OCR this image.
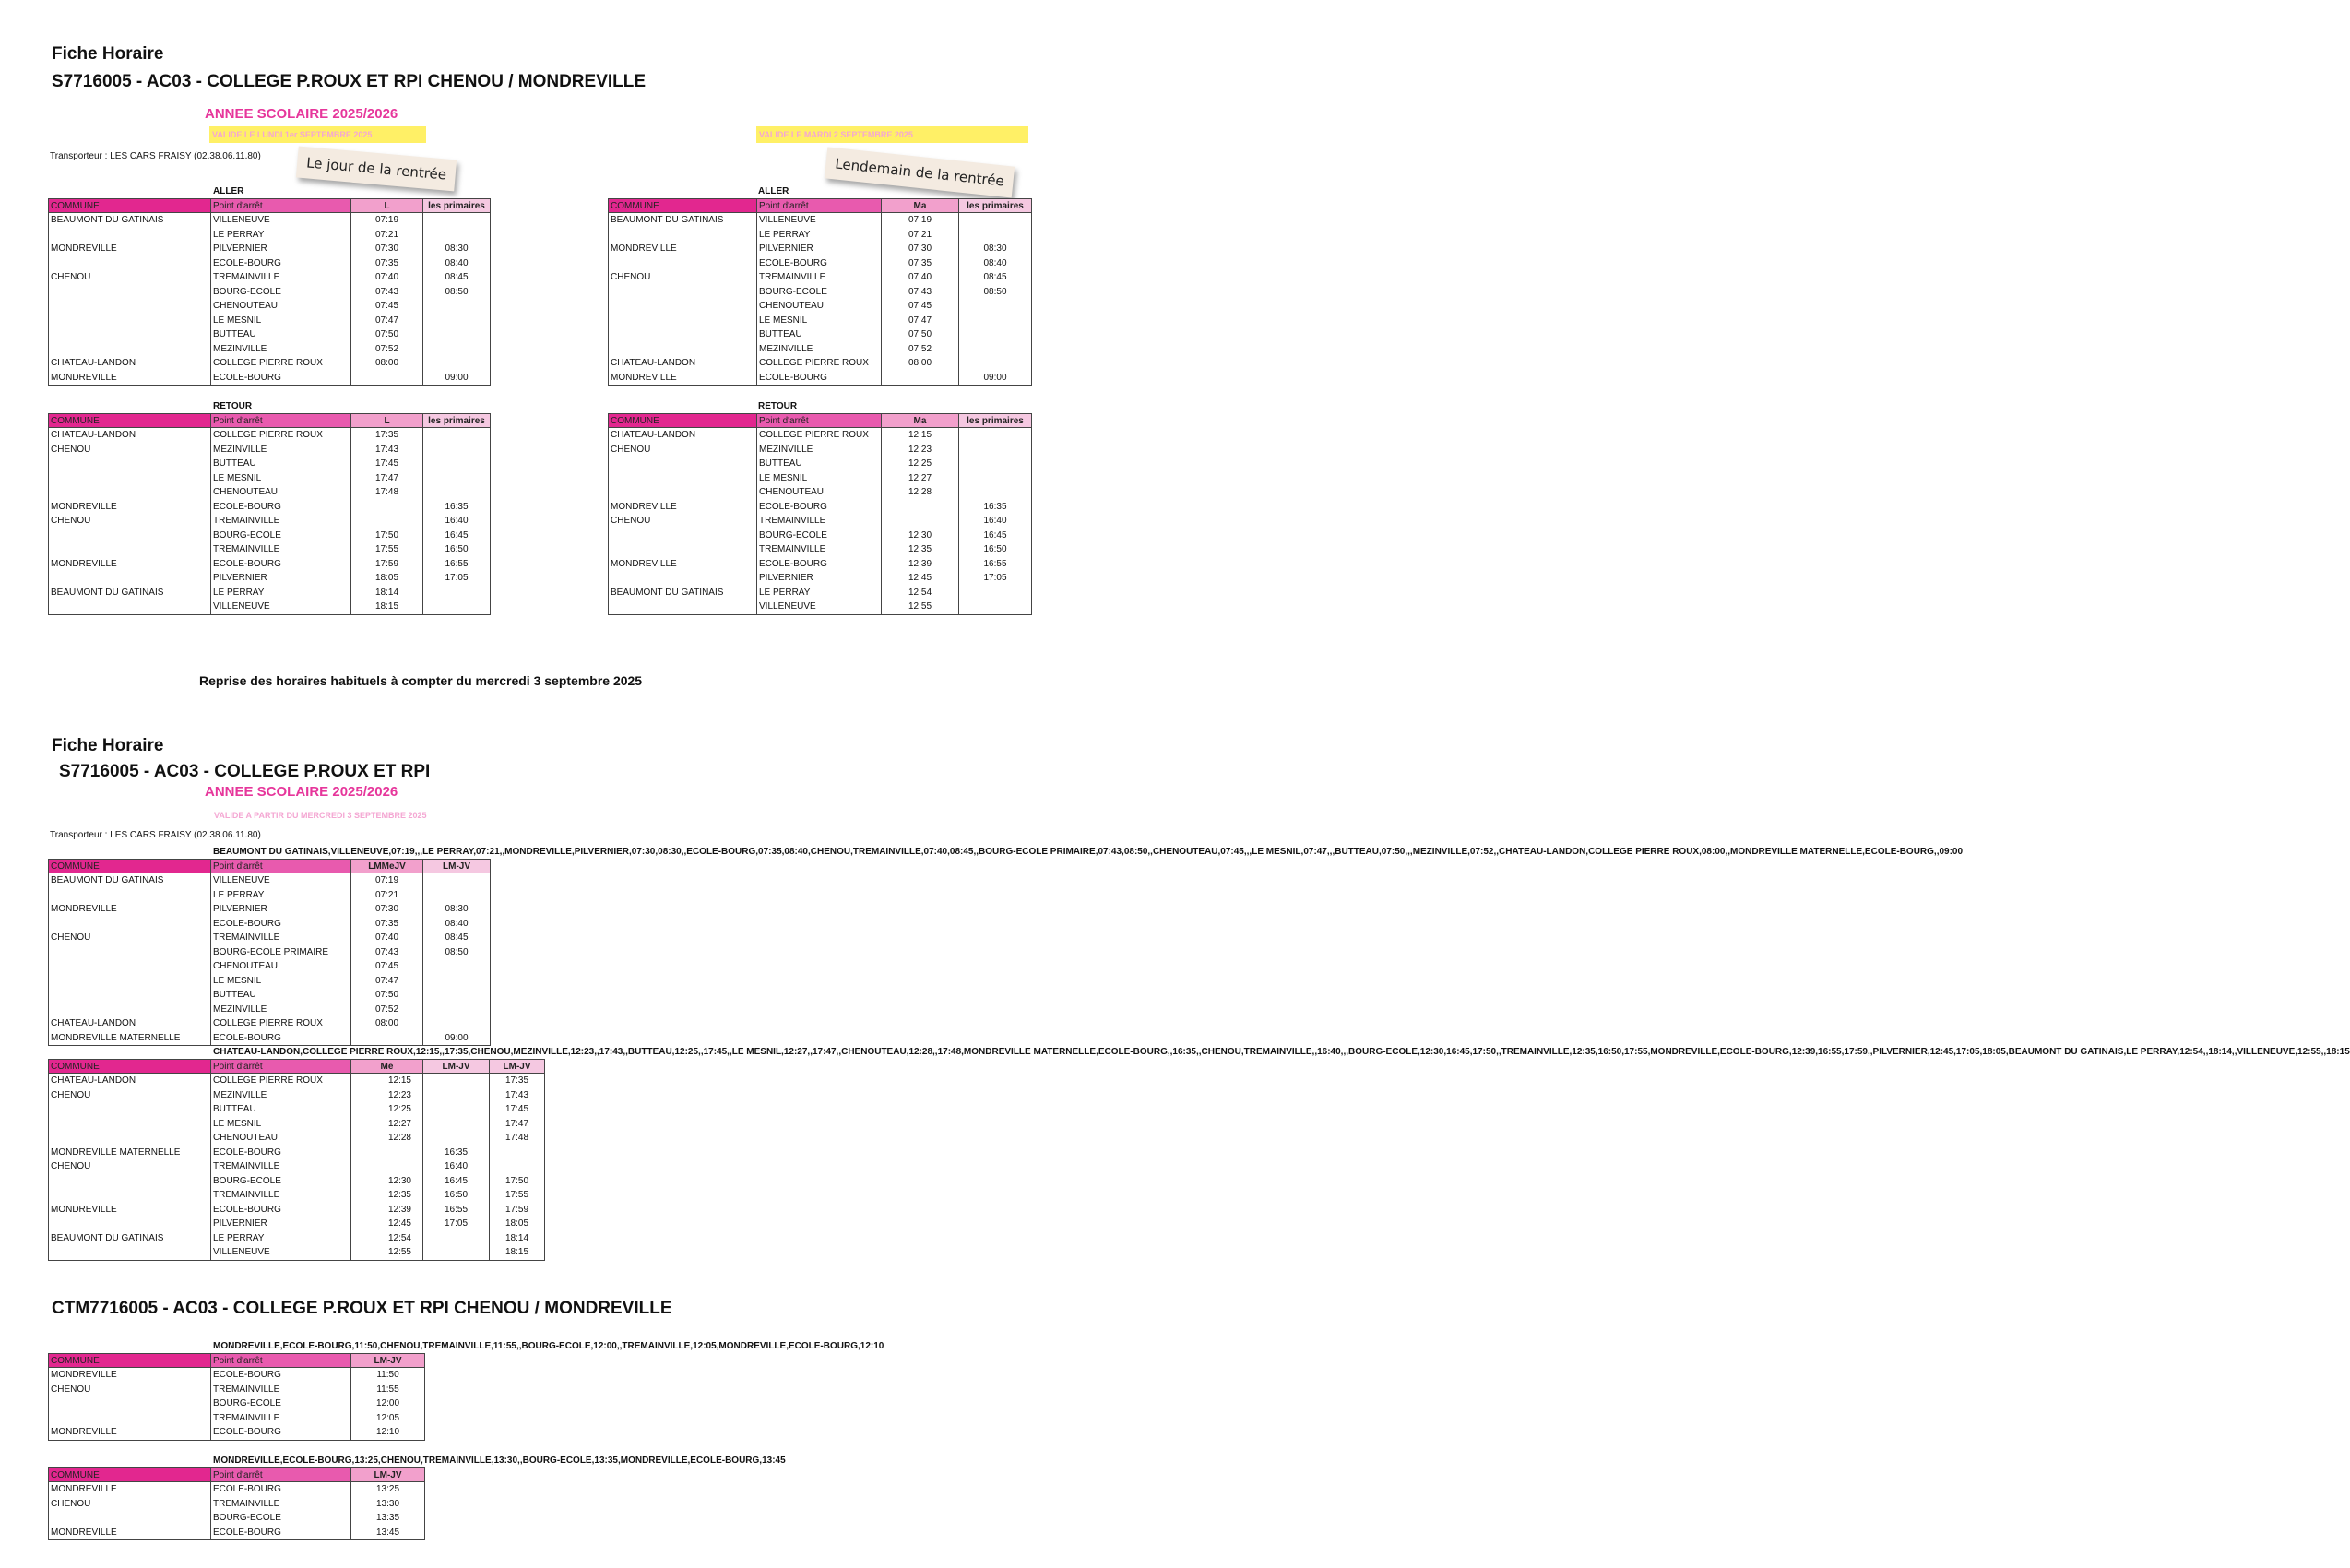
Fiche Horaire
S7716005 - AC03 - COLLEGE P.ROUX ET RPI CHENOU / MONDREVILLE
ANNEE SCOLAIRE 2025/2026
VALIDE LE LUNDI 1er SEPTEMBRE 2025	VALIDE LE MARDI 2 SEPTEMBRE 2025
Transporteur : LES CARS FRAISY (02.38.06.11.80)	Le jour de la rentrée	Lendemain de la rentrée
ALLER	ALLER
COMMUNE	Point d'arrêt	L	les primaires
BEAUMONT DU GATINAIS	VILLENEUVE	07:19	
	LE PERRAY	07:21	
MONDREVILLE	PILVERNIER	07:30	08:30
	ECOLE-BOURG	07:35	08:40
CHENOU	TREMAINVILLE	07:40	08:45
	BOURG-ECOLE	07:43	08:50
	CHENOUTEAU	07:45	
	LE MESNIL	07:47	
	BUTTEAU	07:50	
	MEZINVILLE	07:52	
CHATEAU-LANDON	COLLEGE PIERRE ROUX	08:00	
MONDREVILLE	ECOLE-BOURG		09:00
COMMUNE	Point d'arrêt	Ma	les primaires
BEAUMONT DU GATINAIS	VILLENEUVE	07:19	
	LE PERRAY	07:21	
MONDREVILLE	PILVERNIER	07:30	08:30
	ECOLE-BOURG	07:35	08:40
CHENOU	TREMAINVILLE	07:40	08:45
	BOURG-ECOLE	07:43	08:50
	CHENOUTEAU	07:45	
	LE MESNIL	07:47	
	BUTTEAU	07:50	
	MEZINVILLE	07:52	
CHATEAU-LANDON	COLLEGE PIERRE ROUX	08:00	
MONDREVILLE	ECOLE-BOURG		09:00
RETOUR	RETOUR
COMMUNE	Point d'arrêt	L	les primaires
CHATEAU-LANDON	COLLEGE PIERRE ROUX	17:35	
CHENOU	MEZINVILLE	17:43	
	BUTTEAU	17:45	
	LE MESNIL	17:47	
	CHENOUTEAU	17:48	
MONDREVILLE	ECOLE-BOURG		16:35
CHENOU	TREMAINVILLE		16:40
	BOURG-ECOLE	17:50	16:45
	TREMAINVILLE	17:55	16:50
MONDREVILLE	ECOLE-BOURG	17:59	16:55
	PILVERNIER	18:05	17:05
BEAUMONT DU GATINAIS	LE PERRAY	18:14	
	VILLENEUVE	18:15	
COMMUNE	Point d'arrêt	Ma	les primaires
CHATEAU-LANDON	COLLEGE PIERRE ROUX	12:15	
CHENOU	MEZINVILLE	12:23	
	BUTTEAU	12:25	
	LE MESNIL	12:27	
	CHENOUTEAU	12:28	
MONDREVILLE	ECOLE-BOURG		16:35
CHENOU	TREMAINVILLE		16:40
	BOURG-ECOLE	12:30	16:45
	TREMAINVILLE	12:35	16:50
MONDREVILLE	ECOLE-BOURG	12:39	16:55
	PILVERNIER	12:45	17:05
BEAUMONT DU GATINAIS	LE PERRAY	12:54	
	VILLENEUVE	12:55	
Reprise des horaires habituels à compter du mercredi 3 septembre 2025
Fiche Horaire
S7716005 - AC03 - COLLEGE P.ROUX ET RPI
ANNEE SCOLAIRE 2025/2026
VALIDE A PARTIR DU MERCREDI 3 SEPTEMBRE 2025
Transporteur : LES CARS FRAISY (02.38.06.11.80)
BEAUMONT DU GATINAIS,VILLENEUVE,07:19,,,LE PERRAY,07:21,,MONDREVILLE,PILVERNIER,07:30,08:30,,ECOLE-BOURG,07:35,08:40,CHENOU,TREMAINVILLE,07:40,08:45,,BOURG-ECOLE PRIMAIRE,07:43,08:50,,CHENOUTEAU,07:45,,,LE MESNIL,07:47,,,BUTTEAU,07:50,,,MEZINVILLE,07:52,,CHATEAU-LANDON,COLLEGE PIERRE ROUX,08:00,,MONDREVILLE MATERNELLE,ECOLE-BOURG,,09:00
COMMUNE	Point d'arrêt	LMMeJV	LM-JV
BEAUMONT DU GATINAIS	VILLENEUVE	07:19	
	LE PERRAY	07:21	
MONDREVILLE	PILVERNIER	07:30	08:30
	ECOLE-BOURG	07:35	08:40
CHENOU	TREMAINVILLE	07:40	08:45
	BOURG-ECOLE PRIMAIRE	07:43	08:50
	CHENOUTEAU	07:45	
	LE MESNIL	07:47	
	BUTTEAU	07:50	
	MEZINVILLE	07:52	
CHATEAU-LANDON	COLLEGE PIERRE ROUX	08:00	
MONDREVILLE MATERNELLE	ECOLE-BOURG		09:00
CHATEAU-LANDON,COLLEGE PIERRE ROUX,12:15,,17:35,CHENOU,MEZINVILLE,12:23,,17:43,,BUTTEAU,12:25,,17:45,,LE MESNIL,12:27,,17:47,,CHENOUTEAU,12:28,,17:48,MONDREVILLE MATERNELLE,ECOLE-BOURG,,16:35,,CHENOU,TREMAINVILLE,,16:40,,,BOURG-ECOLE,12:30,16:45,17:50,,TREMAINVILLE,12:35,16:50,17:55,MONDREVILLE,ECOLE-BOURG,12:39,16:55,17:59,,PILVERNIER,12:45,17:05,18:05,BEAUMONT DU GATINAIS,LE PERRAY,12:54,,18:14,,VILLENEUVE,12:55,,18:15
COMMUNE	Point d'arrêt	Me	LM-JV	LM-JV
CHATEAU-LANDON	COLLEGE PIERRE ROUX	12:15		17:35
CHENOU	MEZINVILLE	12:23		17:43
	BUTTEAU	12:25		17:45
	LE MESNIL	12:27		17:47
	CHENOUTEAU	12:28		17:48
MONDREVILLE MATERNELLE	ECOLE-BOURG		16:35	
CHENOU	TREMAINVILLE		16:40	
	BOURG-ECOLE	12:30	16:45	17:50
	TREMAINVILLE	12:35	16:50	17:55
MONDREVILLE	ECOLE-BOURG	12:39	16:55	17:59
	PILVERNIER	12:45	17:05	18:05
BEAUMONT DU GATINAIS	LE PERRAY	12:54		18:14
	VILLENEUVE	12:55		18:15
CTM7716005 - AC03 - COLLEGE P.ROUX ET RPI CHENOU / MONDREVILLE
MONDREVILLE,ECOLE-BOURG,11:50,CHENOU,TREMAINVILLE,11:55,,BOURG-ECOLE,12:00,,TREMAINVILLE,12:05,MONDREVILLE,ECOLE-BOURG,12:10
COMMUNE	Point d'arrêt	LM-JV
MONDREVILLE	ECOLE-BOURG	11:50
CHENOU	TREMAINVILLE	11:55
	BOURG-ECOLE	12:00
	TREMAINVILLE	12:05
MONDREVILLE	ECOLE-BOURG	12:10
MONDREVILLE,ECOLE-BOURG,13:25,CHENOU,TREMAINVILLE,13:30,,BOURG-ECOLE,13:35,MONDREVILLE,ECOLE-BOURG,13:45
COMMUNE	Point d'arrêt	LM-JV
MONDREVILLE	ECOLE-BOURG	13:25
CHENOU	TREMAINVILLE	13:30
	BOURG-ECOLE	13:35
MONDREVILLE	ECOLE-BOURG	13:45
